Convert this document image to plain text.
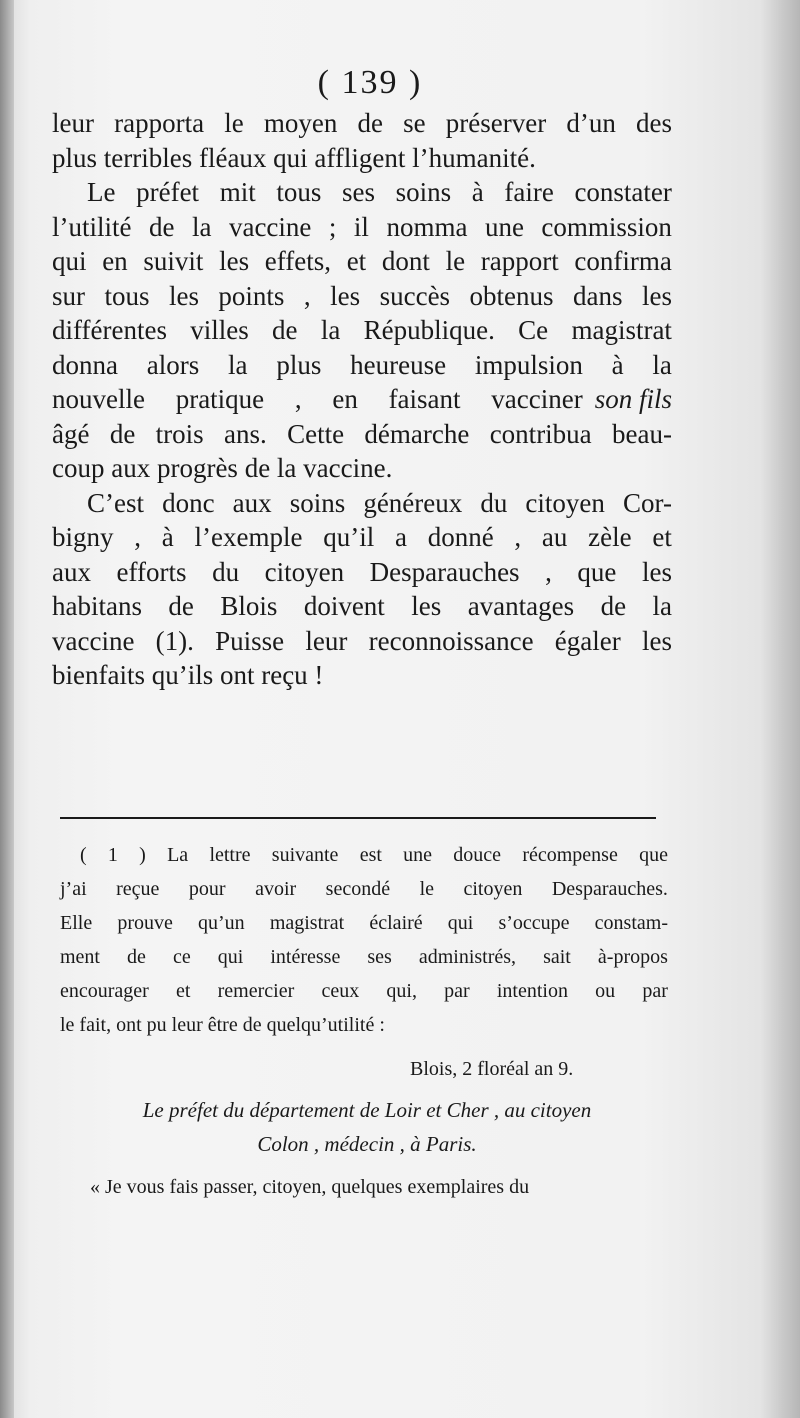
( 139 )
leur rapporta le moyen de se préserver d’un des
plus terribles fléaux qui affligent l’humanité.
Le préfet mit tous ses soins à faire constater
l’utilité de la vaccine ; il nomma une commission
qui en suivit les effets, et dont le rapport confirma
sur tous les points , les succès obtenus dans les
différentes villes de la République. Ce magistrat
donna alors la plus heureuse impulsion à la
nouvelle pratique , en faisant vacciner son fils
âgé de trois ans. Cette démarche contribua beau-
coup aux progrès de la vaccine.
C’est donc aux soins généreux du citoyen Cor-
bigny , à l’exemple qu’il a donné , au zèle et
aux efforts du citoyen Desparauches , que les
habitans de Blois doivent les avantages de la
vaccine (1). Puisse leur reconnoissance égaler les
bienfaits qu’ils ont reçu !
( 1 ) La lettre suivante est une douce récompense que
j’ai reçue pour avoir secondé le citoyen Desparauches.
Elle prouve qu’un magistrat éclairé qui s’occupe constam-
ment de ce qui intéresse ses administrés, sait à-propos
encourager et remercier ceux qui, par intention ou par
le fait, ont pu leur être de quelqu’utilité :
Blois, 2 floréal an 9.
Le préfet du département de Loir et Cher , au citoyen
Colon , médecin , à Paris.
« Je vous fais passer, citoyen, quelques exemplaires du
